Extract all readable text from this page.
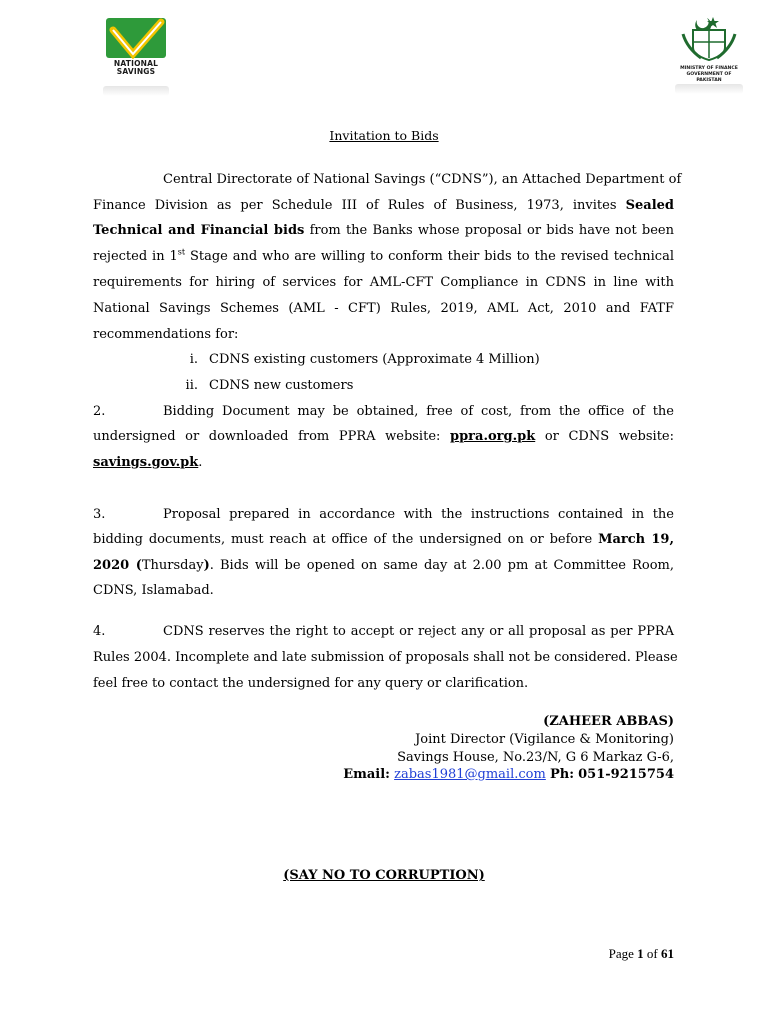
NATIONAL SAVINGS	MINISTRY OF FINANCE
GOVERNMENT OF PAKISTAN
Invitation to Bids
Central Directorate of National Savings (“CDNS”), an Attached Department of
Finance Division as per Schedule III of Rules of Business, 1973, invites Sealed
Technical and Financial bids from the Banks whose proposal or bids have not been
rejected in 1st Stage and who are willing to conform their bids to the revised technical
requirements for hiring of services for AML-CFT Compliance in CDNS in line with
National Savings Schemes (AML - CFT) Rules, 2019, AML Act, 2010 and FATF
recommendations for:
i. CDNS existing customers (Approximate 4 Million)
ii. CDNS new customers
2.	Bidding Document may be obtained, free of cost, from the office of the
undersigned or downloaded from PPRA website: ppra.org.pk or CDNS website:
savings.gov.pk.
3.	Proposal prepared in accordance with the instructions contained in the
bidding documents, must reach at office of the undersigned on or before March 19,
2020 (Thursday). Bids will be opened on same day at 2.00 pm at Committee Room,
CDNS, Islamabad.
4.	CDNS reserves the right to accept or reject any or all proposal as per PPRA
Rules 2004. Incomplete and late submission of proposals shall not be considered. Please
feel free to contact the undersigned for any query or clarification.
(ZAHEER ABBAS)
Joint Director (Vigilance & Monitoring)
Savings House, No.23/N, G 6 Markaz G-6,
Email: zabas1981@gmail.com Ph: 051-9215754
(SAY NO TO CORRUPTION)
Page 1 of 61
